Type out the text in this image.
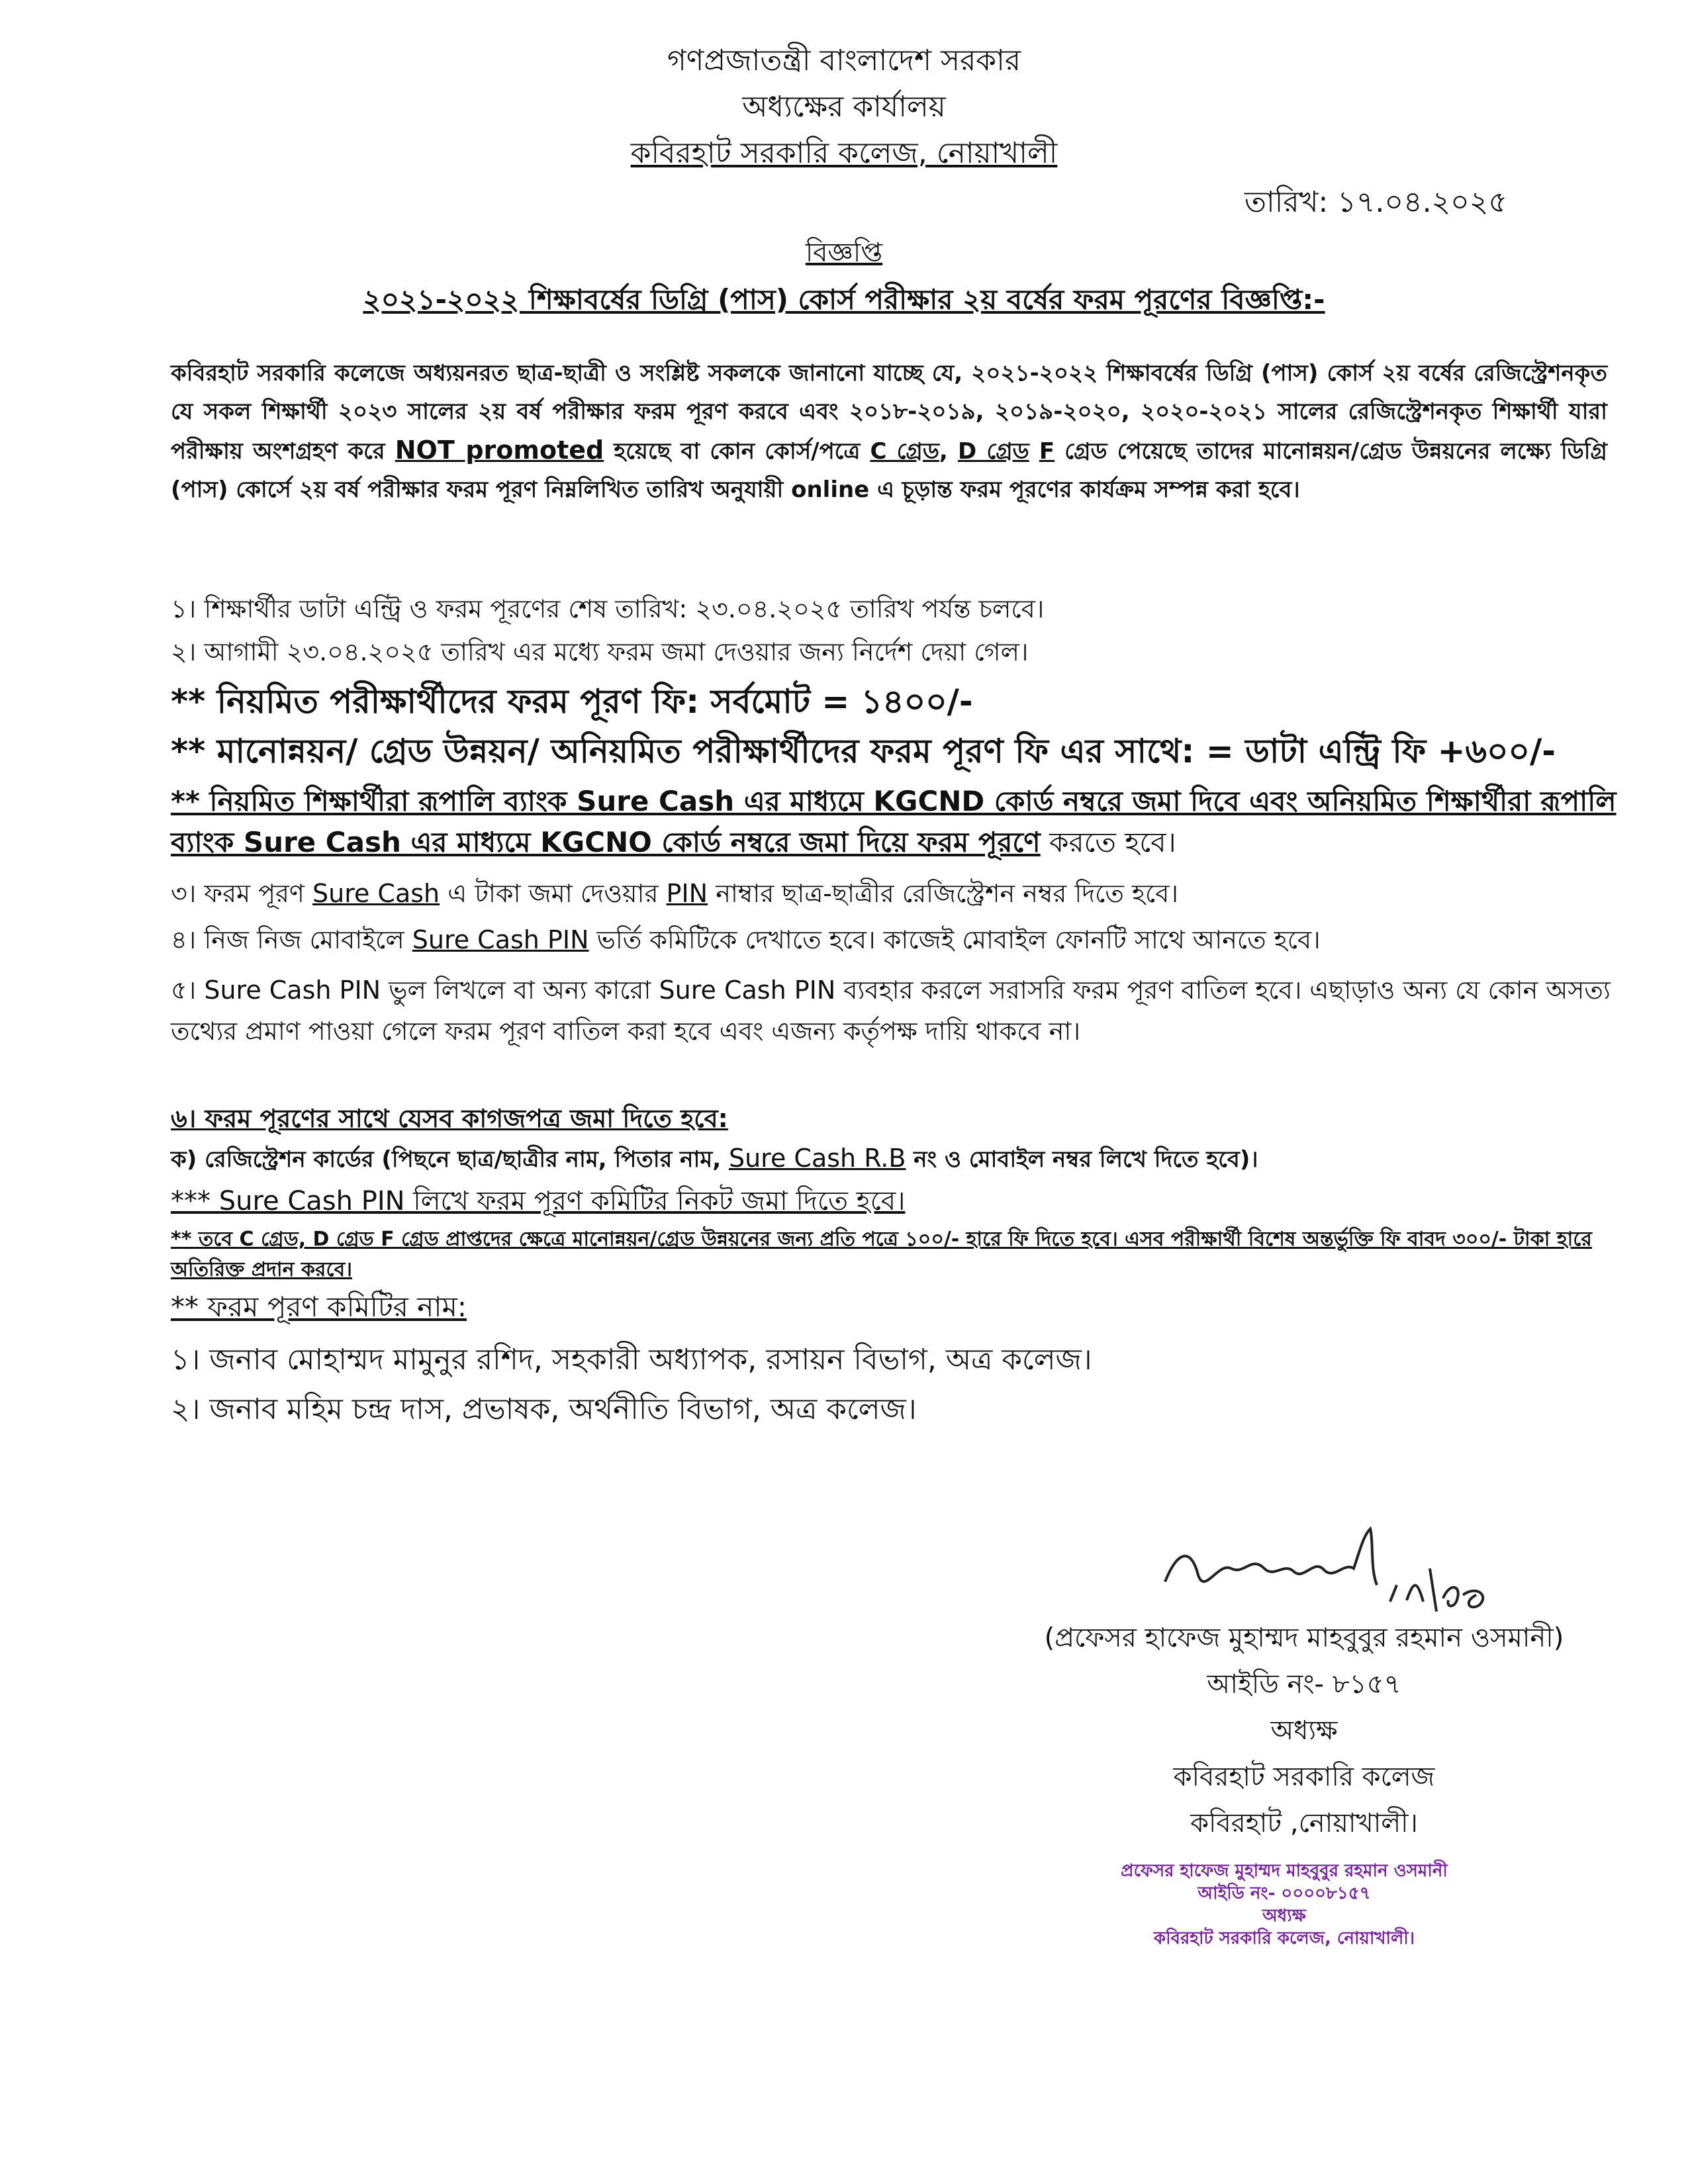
গণপ্রজাতন্ত্রী বাংলাদেশ সরকার
অধ্যক্ষের কার্যালয়
কবিরহাট সরকারি কলেজ, নোয়াখালী
তারিখ: ১৭.০৪.২০২৫
বিজ্ঞপ্তি
২০২১-২০২২ শিক্ষাবর্ষের ডিগ্রি (পাস) কোর্স পরীক্ষার ২য় বর্ষের ফরম পূরণের বিজ্ঞপ্তি:-
কবিরহাট সরকারি কলেজে অধ্যয়নরত ছাত্র-ছাত্রী ও সংশ্লিষ্ট সকলকে জানানো যাচ্ছে যে, ২০২১-২০২২ শিক্ষাবর্ষের ডিগ্রি (পাস) কোর্স ২য় বর্ষের রেজিস্ট্রেশনকৃত যে সকল শিক্ষার্থী ২০২৩ সালের ২য় বর্ষ পরীক্ষার ফরম পূরণ করবে এবং ২০১৮-২০১৯, ২০১৯-২০২০, ২০২০-২০২১ সালের রেজিস্ট্রেশনকৃত শিক্ষার্থী যারা পরীক্ষায় অংশগ্রহণ করে NOT promoted হয়েছে বা কোন কোর্স/পত্রে C গ্রেড, D গ্রেড F গ্রেড পেয়েছে তাদের মানোন্নয়ন/গ্রেড উন্নয়নের লক্ষ্যে ডিগ্রি (পাস) কোর্সে ২য় বর্ষ পরীক্ষার ফরম পূরণ নিম্নলিখিত তারিখ অনুযায়ী online এ চূড়ান্ত ফরম পূরণের কার্যক্রম সম্পন্ন করা হবে।
১। শিক্ষার্থীর ডাটা এন্ট্রি ও ফরম পূরণের শেষ তারিখ: ২৩.০৪.২০২৫ তারিখ পর্যন্ত চলবে।
২। আগামী ২৩.০৪.২০২৫ তারিখ এর মধ্যে ফরম জমা দেওয়ার জন্য নির্দেশ দেয়া গেল।
** নিয়মিত পরীক্ষার্থীদের ফরম পূরণ ফি: সর্বমোট = ১৪০০/-
** মানোন্নয়ন/ গ্রেড উন্নয়ন/ অনিয়মিত পরীক্ষার্থীদের ফরম পূরণ ফি এর সাথে: = ডাটা এন্ট্রি ফি +৬০০/-
** নিয়মিত শিক্ষার্থীরা রূপালি ব্যাংক Sure Cash এর মাধ্যমে KGCND কোর্ড নম্বরে জমা দিবে এবং অনিয়মিত শিক্ষার্থীরা রূপালি ব্যাংক Sure Cash এর মাধ্যমে KGCNO কোর্ড নম্বরে জমা দিয়ে ফরম পূরণে করতে হবে।
৩। ফরম পূরণ Sure Cash এ টাকা জমা দেওয়ার PIN নাম্বার ছাত্র-ছাত্রীর রেজিস্ট্রেশন নম্বর দিতে হবে।
৪। নিজ নিজ মোবাইলে Sure Cash PIN ভর্তি কমিটিকে দেখাতে হবে। কাজেই মোবাইল ফোনটি সাথে আনতে হবে।
৫। Sure Cash PIN ভুল লিখলে বা অন্য কারো Sure Cash PIN ব্যবহার করলে সরাসরি ফরম পূরণ বাতিল হবে। এছাড়াও অন্য যে কোন অসত্য তথ্যের প্রমাণ পাওয়া গেলে ফরম পূরণ বাতিল করা হবে এবং এজন্য কর্তৃপক্ষ দায়ি থাকবে না।
৬। ফরম পূরণের সাথে যেসব কাগজপত্র জমা দিতে হবে:
ক) রেজিস্ট্রেশন কার্ডের (পিছনে ছাত্র/ছাত্রীর নাম, পিতার নাম, Sure Cash R.B নং ও মোবাইল নম্বর লিখে দিতে হবে)।
*** Sure Cash PIN লিখে ফরম পূরণ কমিটির নিকট জমা দিতে হবে।
** তবে C গ্রেড, D গ্রেড F গ্রেড প্রাপ্তদের ক্ষেত্রে মানোন্নয়ন/গ্রেড উন্নয়নের জন্য প্রতি পত্রে ১০০/- হারে ফি দিতে হবে। এসব পরীক্ষার্থী বিশেষ অন্তর্ভুক্তি ফি বাবদ ৩০০/- টাকা হারে অতিরিক্ত প্রদান করবে।
** ফরম পূরণ কমিটির নাম:
১। জনাব মোহাম্মদ মামুনুর রশিদ, সহকারী অধ্যাপক, রসায়ন বিভাগ, অত্র কলেজ।
২। জনাব মহিম চন্দ্র দাস, প্রভাষক, অর্থনীতি বিভাগ, অত্র কলেজ।
(প্রফেসর হাফেজ মুহাম্মদ মাহবুবুর রহমান ওসমানী)
আইডি নং- ৮১৫৭
অধ্যক্ষ
কবিরহাট সরকারি কলেজ
কবিরহাট ,নোয়াখালী।
প্রফেসর হাফেজ মুহাম্মদ মাহবুবুর রহমান ওসমানী
আইডি নং- ০০০০৮১৫৭
অধ্যক্ষ
কবিরহাট সরকারি কলেজ, নোয়াখালী।
